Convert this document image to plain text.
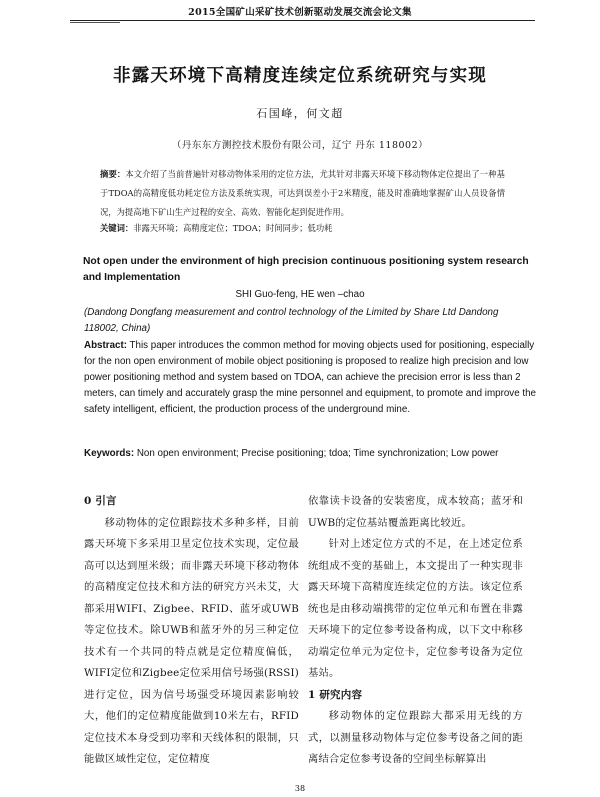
2015全国矿山采矿技术创新驱动发展交流会论文集
非露天环境下高精度连续定位系统研究与实现
石国峰，何文超
（丹东东方测控技术股份有限公司，辽宁 丹东 118002）
摘要：本文介绍了当前普遍针对移动物体采用的定位方法，尤其针对非露天环境下移动物体定位提出了一种基于TDOA的高精度低功耗定位方法及系统实现，可达到误差小于2米精度，能及时准确地掌握矿山人员设备情况，为提高地下矿山生产过程的安全、高效、智能化起到促进作用。
关键词：非露天环境；高精度定位；TDOA；时间同步；低功耗
Not open under the environment of high precision continuous positioning system research and Implementation
SHI Guo-feng, HE wen –chao
(Dandong Dongfang measurement and control technology of the Limited by Share Ltd Dandong 118002, China)
Abstract: This paper introduces the common method for moving objects used for positioning, especially for the non open environment of mobile object positioning is proposed to realize high precision and low power positioning method and system based on TDOA, can achieve the precision error is less than 2 meters, can timely and accurately grasp the mine personnel and equipment, to promote and improve the safety intelligent, efficient, the production process of the underground mine.
Keywords: Non open environment; Precise positioning; tdoa; Time synchronization; Low power

0 引言

移动物体的定位跟踪技术多种多样，目前露天环境下多采用卫星定位技术实现，定位最高可以达到厘米级；而非露天环境下移动物体的高精度定位技术和方法的研究方兴未艾，大都采用WIFI、Zigbee、RFID、蓝牙或UWB等定位技术。除UWB和蓝牙外的另三种定位技术有一个共同的特点就是定位精度偏低，WIFI定位和Zigbee定位采用信号场强(RSSI)进行定位，因为信号场强受环境因素影响较大，他们的定位精度能做到10米左右，RFID定位技术本身受到功率和天线体积的限制，只能做区域性定位，定位精度

依靠读卡设备的安装密度，成本较高；蓝牙和UWB的定位基站覆盖距离比较近。

针对上述定位方式的不足，在上述定位系统组成不变的基础上，本文提出了一种实现非露天环境下高精度连续定位的方法。该定位系统也是由移动端携带的定位单元和布置在非露天环境下的定位参考设备构成，以下文中称移动端定位单元为定位卡，定位参考设备为定位基站。

1 研究内容

移动物体的定位跟踪大都采用无线的方式，以测量移动物体与定位参考设备之间的距离结合定位参考设备的空间坐标解算出

38
